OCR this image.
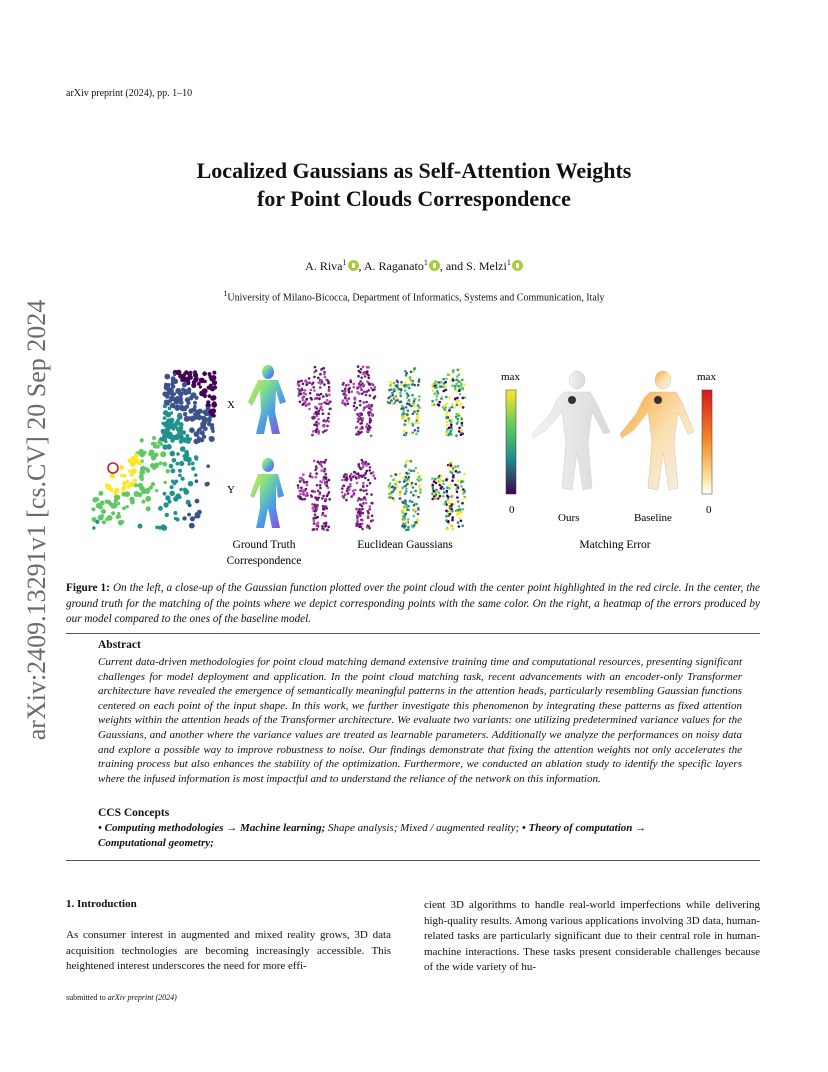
arXiv preprint (2024), pp. 1–10
Localized Gaussians as Self-Attention Weights
for Point Clouds Correspondence
A. Riva$^1$ , A. Raganato$^1$ , and S. Melzi$^1$
$^1$University of Milano-Bicocca, Department of Informatics, Systems and Communication, Italy
arXiv:2409.13291v1 [cs.CV] 20 Sep 2024	X
Y
max
0
Ours	Baseline
max
0
Ground Truth
Correspondence
Euclidean Gaussians	Matching Error
Figure 1: On the left, a close-up of the Gaussian function plotted over the point cloud with the center point highlighted in the red circle. In the center, the ground truth for the matching of the points where we depict corresponding points with the same color. On the right, a heatmap of the errors produced by our model compared to the ones of the baseline model.
Abstract
Current data-driven methodologies for point cloud matching demand extensive training time and computational resources, presenting significant challenges for model deployment and application. In the point cloud matching task, recent advancements with an encoder-only Transformer architecture have revealed the emergence of semantically meaningful patterns in the attention heads, particularly resembling Gaussian functions centered on each point of the input shape. In this work, we further investigate this phenomenon by integrating these patterns as fixed attention weights within the attention heads of the Transformer architecture. We evaluate two variants: one utilizing predetermined variance values for the Gaussians, and another where the variance values are treated as learnable parameters. Additionally we analyze the performances on noisy data and explore a possible way to improve robustness to noise. Our findings demonstrate that fixing the attention weights not only accelerates the training process but also enhances the stability of the optimization. Furthermore, we conducted an ablation study to identify the specific layers where the infused information is most impactful and to understand the reliance of the network on this information.
CCS Concepts
• Computing methodologies → Machine learning; Shape analysis; Mixed / augmented reality; • Theory of computation →
Computational geometry;
1. Introduction
As consumer interest in augmented and mixed reality grows, 3D data acquisition technologies are becoming increasingly accessible. This heightened interest underscores the need for more effi-
cient 3D algorithms to handle real-world imperfections while delivering high-quality results. Among various applications involving 3D data, human-related tasks are particularly significant due to their central role in human-machine interactions. These tasks present considerable challenges because of the wide variety of hu-
submitted to arXiv preprint (2024)
